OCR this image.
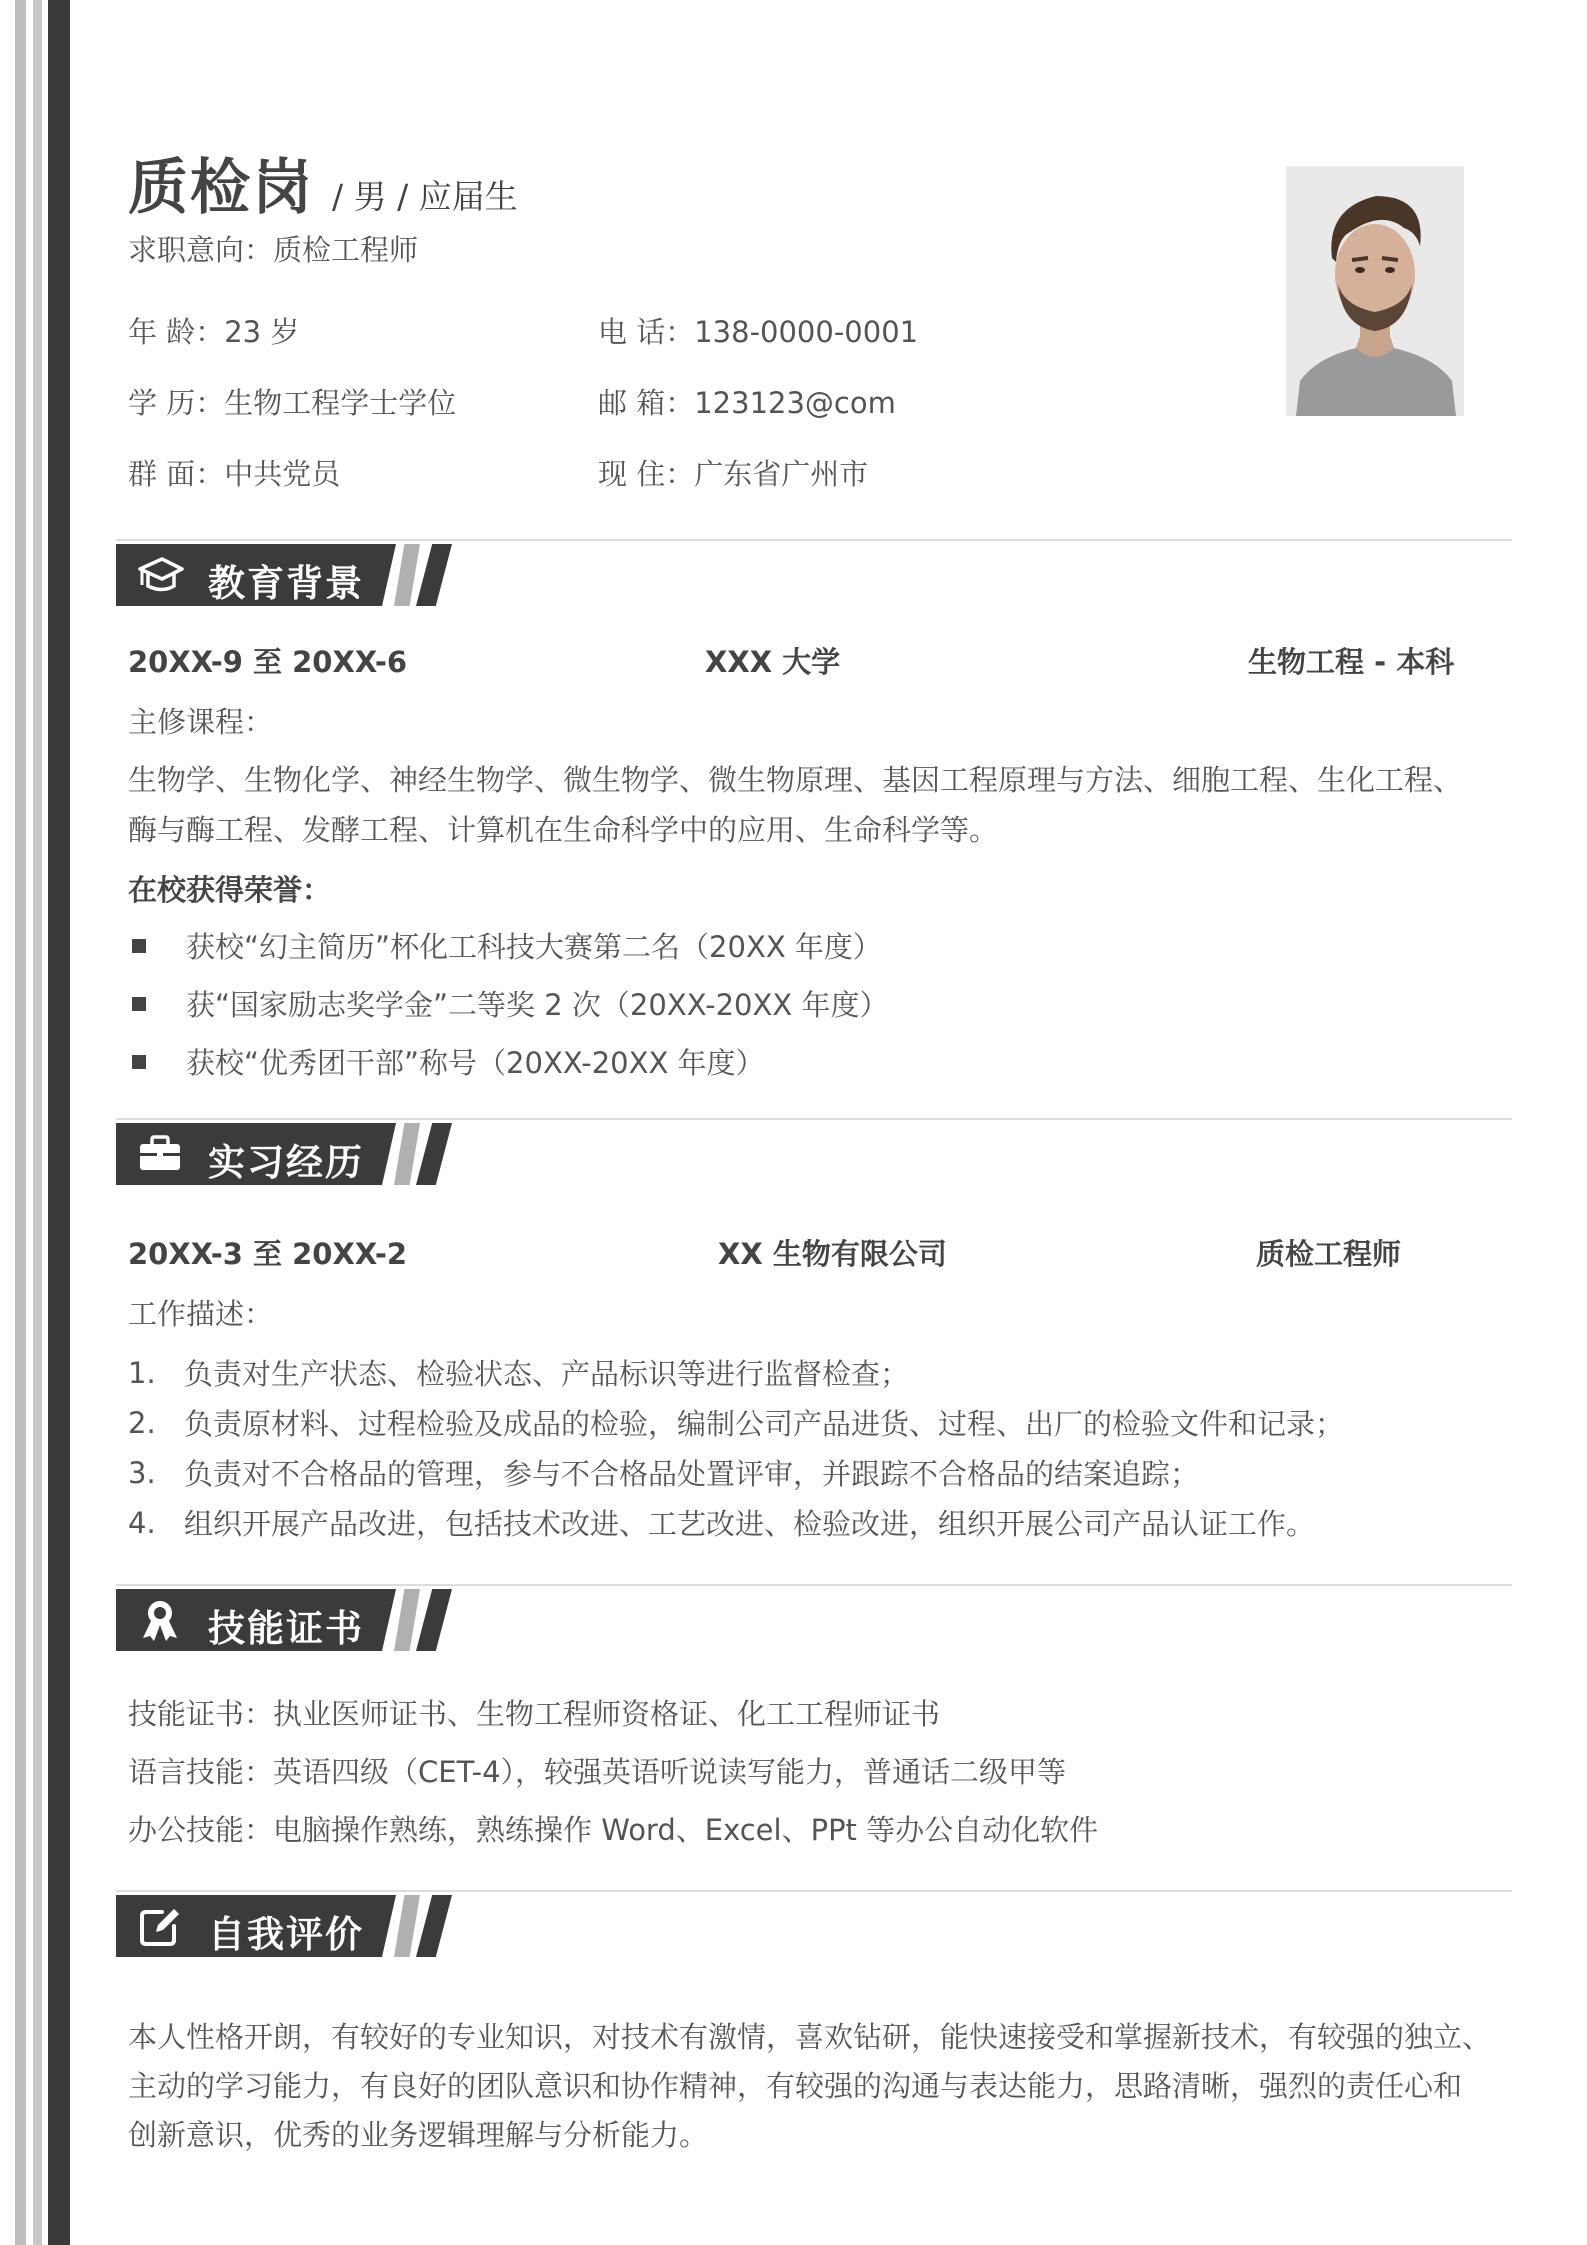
质检岗 / 男 / 应届生
求职意向：质检工程师
年 龄：23 岁	电 话：138-0000-0001
学 历：生物工程学士学位	邮 箱：123123@com
群 面：中共党员	现 住：广东省广州市
教育背景
20XX-9 至 20XX-6	XXX 大学	生物工程 - 本科
主修课程：
生物学、生物化学、神经生物学、微生物学、微生物原理、基因工程原理与方法、细胞工程、生化工程、
酶与酶工程、发酵工程、计算机在生命科学中的应用、生命科学等。
在校获得荣誉：
获校“幻主简历”杯化工科技大赛第二名（20XX 年度）
获“国家励志奖学金”二等奖 2 次（20XX-20XX 年度）
获校“优秀团干部”称号（20XX-20XX 年度）
实习经历
20XX-3 至 20XX-2	XX 生物有限公司	质检工程师
工作描述：
1. 负责对生产状态、检验状态、产品标识等进行监督检查；
2. 负责原材料、过程检验及成品的检验，编制公司产品进货、过程、出厂的检验文件和记录；
3. 负责对不合格品的管理，参与不合格品处置评审，并跟踪不合格品的结案追踪；
4. 组织开展产品改进，包括技术改进、工艺改进、检验改进，组织开展公司产品认证工作。
技能证书
技能证书：执业医师证书、生物工程师资格证、化工工程师证书
语言技能：英语四级（CET-4），较强英语听说读写能力，普通话二级甲等
办公技能：电脑操作熟练，熟练操作 Word、Excel、PPt 等办公自动化软件
自我评价
本人性格开朗，有较好的专业知识，对技术有激情，喜欢钻研，能快速接受和掌握新技术，有较强的独立、
主动的学习能力，有良好的团队意识和协作精神，有较强的沟通与表达能力，思路清晰，强烈的责任心和
创新意识，优秀的业务逻辑理解与分析能力。
